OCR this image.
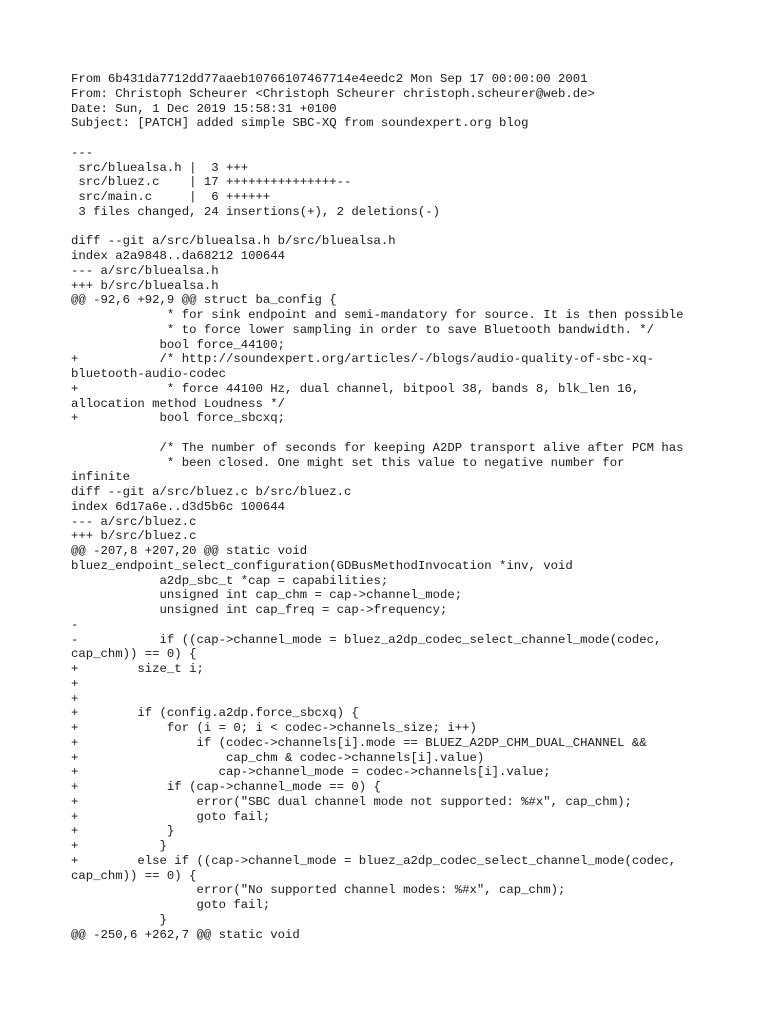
From 6b431da7712dd77aaeb10766107467714e4eedc2 Mon Sep 17 00:00:00 2001
From: Christoph Scheurer <Christoph Scheurer christoph.scheurer@web.de>
Date: Sun, 1 Dec 2019 15:58:31 +0100
Subject: [PATCH] added simple SBC-XQ from soundexpert.org blog
---
src/bluealsa.h |  3 +++
src/bluez.c    | 17 +++++++++++++++--
src/main.c     |  6 ++++++
3 files changed, 24 insertions(+), 2 deletions(-)
diff --git a/src/bluealsa.h b/src/bluealsa.h
index a2a9848..da68212 100644
--- a/src/bluealsa.h
+++ b/src/bluealsa.h
@@ -92,6 +92,9 @@ struct ba_config {
* for sink endpoint and semi-mandatory for source. It is then possible
* to force lower sampling in order to save Bluetooth bandwidth. */
bool force_44100;
+           /* http://soundexpert.org/articles/-/blogs/audio-quality-of-sbc-xq-
bluetooth-audio-codec
+            * force 44100 Hz, dual channel, bitpool 38, bands 8, blk_len 16,
allocation method Loudness */
+           bool force_sbcxq;
/* The number of seconds for keeping A2DP transport alive after PCM has
* been closed. One might set this value to negative number for
infinite
diff --git a/src/bluez.c b/src/bluez.c
index 6d17a6e..d3d5b6c 100644
--- a/src/bluez.c
+++ b/src/bluez.c
@@ -207,8 +207,20 @@ static void
bluez_endpoint_select_configuration(GDBusMethodInvocation *inv, void
a2dp_sbc_t *cap = capabilities;
unsigned int cap_chm = cap->channel_mode;
unsigned int cap_freq = cap->frequency;
-
-           if ((cap->channel_mode = bluez_a2dp_codec_select_channel_mode(codec,
cap_chm)) == 0) {
+        size_t i;
+
+
+        if (config.a2dp.force_sbcxq) {
+            for (i = 0; i < codec->channels_size; i++)
+                if (codec->channels[i].mode == BLUEZ_A2DP_CHM_DUAL_CHANNEL &&
+                    cap_chm & codec->channels[i].value)
+                   cap->channel_mode = codec->channels[i].value;
+            if (cap->channel_mode == 0) {
+                error("SBC dual channel mode not supported: %#x", cap_chm);
+                goto fail;
+            }
+           }
+        else if ((cap->channel_mode = bluez_a2dp_codec_select_channel_mode(codec,
cap_chm)) == 0) {
error("No supported channel modes: %#x", cap_chm);
goto fail;
}
@@ -250,6 +262,7 @@ static void
